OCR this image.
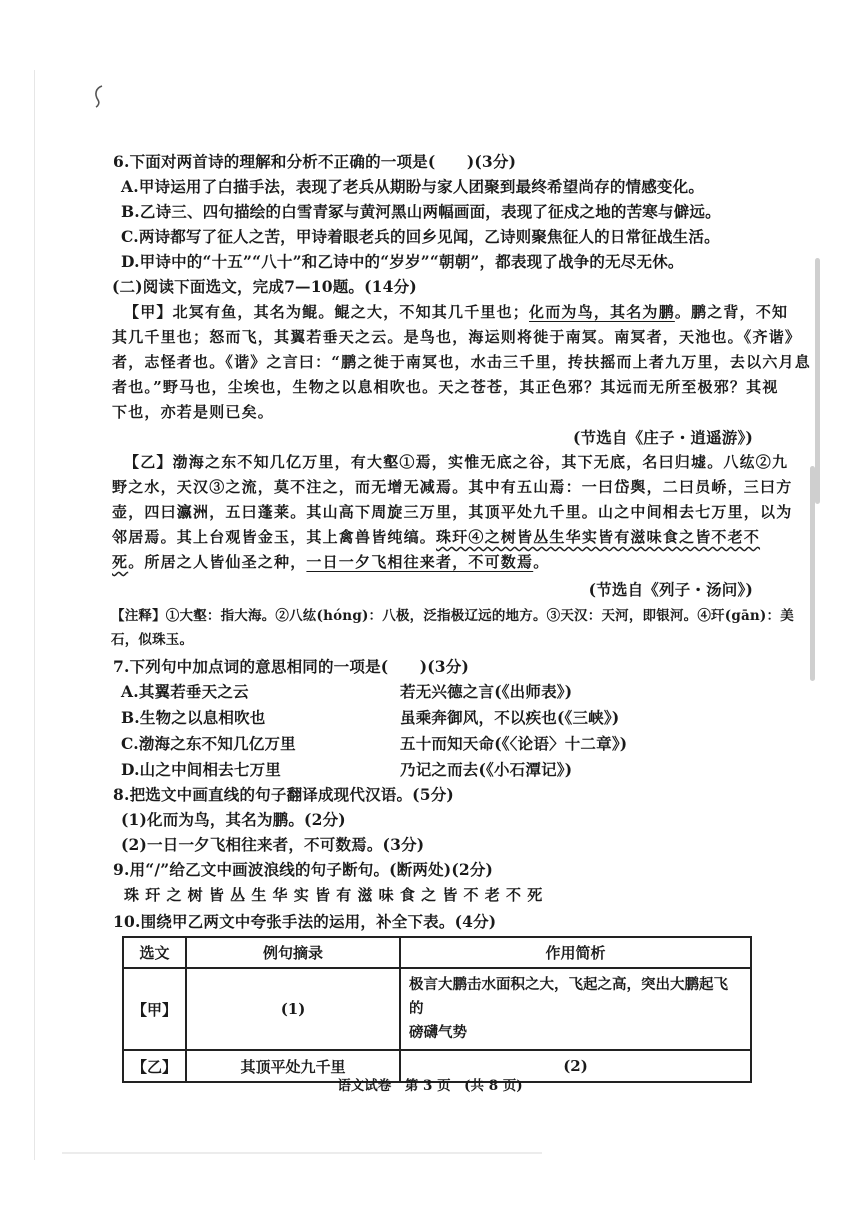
6.下面对两首诗的理解和分析不正确的一项是(　　)(3分)
A.甲诗运用了白描手法，表现了老兵从期盼与家人团聚到最终希望尚存的情感变化。
B.乙诗三、四句描绘的白雪青冢与黄河黑山两幅画面，表现了征戍之地的苦寒与僻远。
C.两诗都写了征人之苦，甲诗着眼老兵的回乡见闻，乙诗则聚焦征人的日常征战生活。
D.甲诗中的“十五”“八十”和乙诗中的“岁岁”“朝朝”，都表现了战争的无尽无休。
(二)阅读下面选文，完成7—10题。(14分)
【甲】北冥有鱼，其名为鲲。鲲之大，不知其几千里也；化而为鸟，其名为鹏。鹏之背，不知
其几千里也；怒而飞，其翼若垂天之云。是鸟也，海运则将徙于南冥。南冥者，天池也。《齐谐》
者，志怪者也。《谐》之言曰：“鹏之徙于南冥也，水击三千里，抟扶摇而上者九万里，去以六月息
者也。”野马也，尘埃也，生物之以息相吹也。天之苍苍，其正色邪？其远而无所至极邪？其视
下也，亦若是则已矣。
(节选自《庄子・逍遥游》)
【乙】渤海之东不知几亿万里，有大壑①焉，实惟无底之谷，其下无底，名曰归墟。八纮②九
野之水，天汉③之流，莫不注之，而无增无减焉。其中有五山焉：一曰岱舆，二曰员峤，三曰方
壶，四曰瀛洲，五曰蓬莱。其山高下周旋三万里，其顶平处九千里。山之中间相去七万里，以为
邻居焉。其上台观皆金玉，其上禽兽皆纯缟。珠玕④之树皆丛生华实皆有滋味食之皆不老不
死。所居之人皆仙圣之种，一日一夕飞相往来者，不可数焉。
(节选自《列子・汤问》)
【注释】①大壑：指大海。②八纮(hóng)：八极，泛指极辽远的地方。③天汉：天河，即银河。④玕(gān)：美
石，似珠玉。
7.下列句中加点词的意思相同的一项是(　　)(3分)
A.其翼若垂天之云	若无兴德之言(《出师表》)
B.生物之以息相吹也	虽乘奔御风，不以疾也(《三峡》)
C.渤海之东不知几亿万里	五十而知天命(《〈论语〉十二章》)
D.山之中间相去七万里	乃记之而去(《小石潭记》)
8.把选文中画直线的句子翻译成现代汉语。(5分)
(1)化而为鸟，其名为鹏。(2分)
(2)一日一夕飞相往来者，不可数焉。(3分)
9.用“/”给乙文中画波浪线的句子断句。(断两处)(2分)
珠 玕 之 树 皆 丛 生 华 实 皆 有 滋 味 食 之 皆 不 老 不 死
10.围绕甲乙两文中夸张手法的运用，补全下表。(4分)
选文	例句摘录	作用简析
【甲】	(1)	极言大鹏击水面积之大，飞起之高，突出大鹏起飞的
磅礴气势

【乙】	其顶平处九千里	(2)
语文试卷　第 3 页　(共 8 页)
